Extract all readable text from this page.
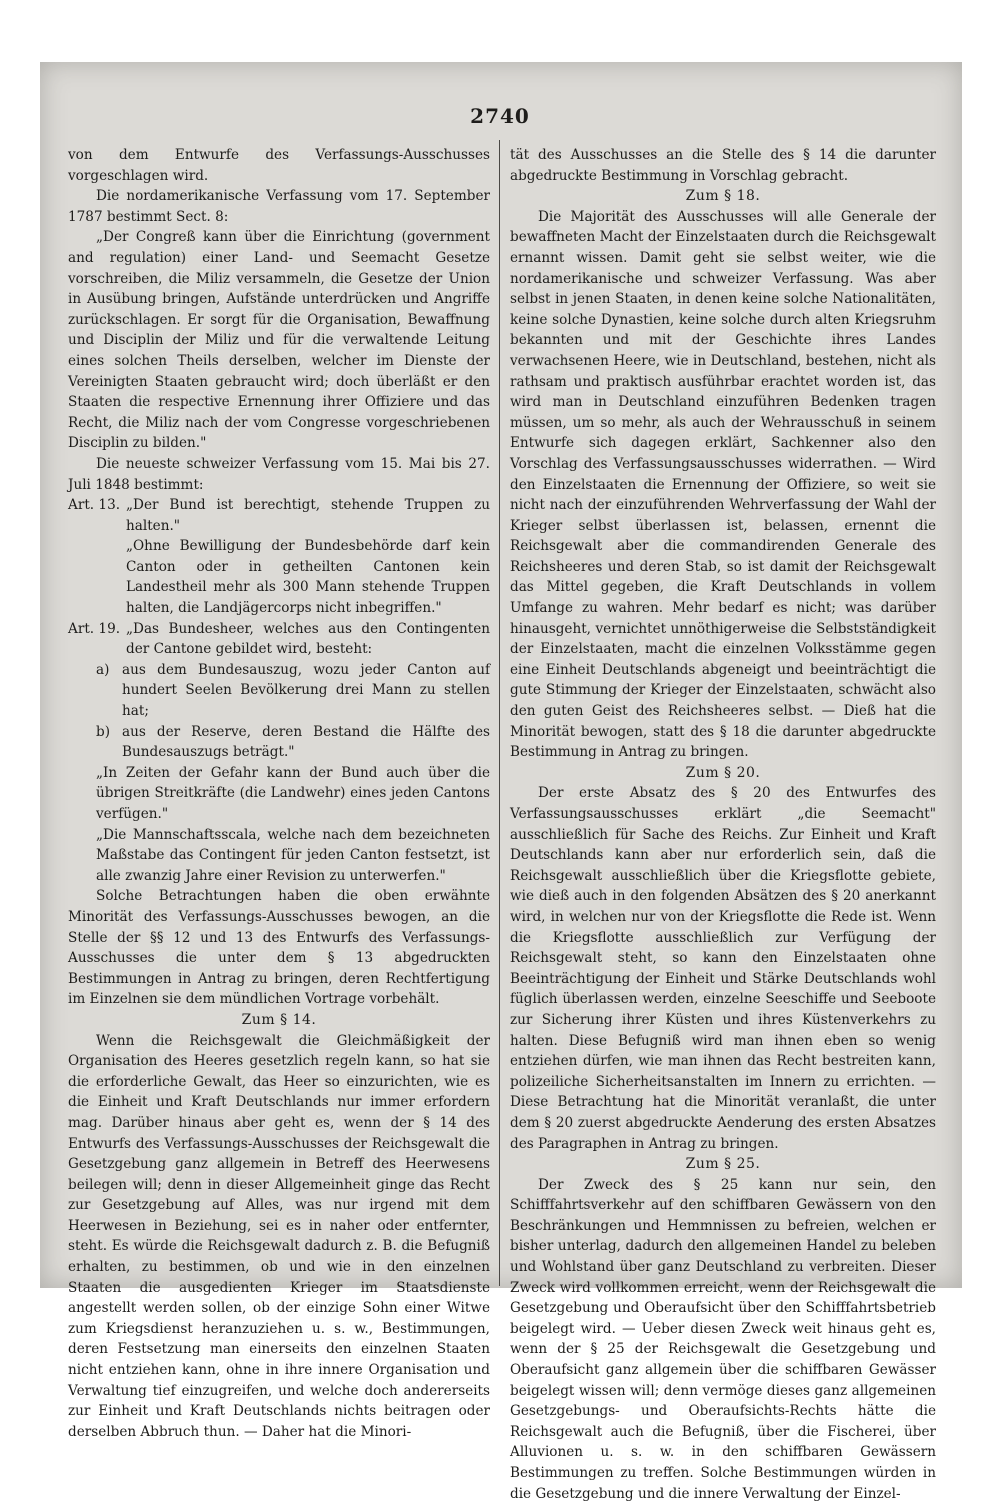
2740

von dem Entwurfe des Verfassungs-Ausschusses vorgeschlagen wird.

Die nordamerikanische Verfassung vom 17. September 1787 bestimmt Sect. 8:

„Der Congreß kann über die Einrichtung (government and regulation) einer Land- und Seemacht Gesetze vorschreiben, die Miliz versammeln, die Gesetze der Union in Ausübung bringen, Aufstände unterdrücken und Angriffe zurückschlagen. Er sorgt für die Organisation, Bewaffnung und Disciplin der Miliz und für die verwaltende Leitung eines solchen Theils derselben, welcher im Dienste der Vereinigten Staaten gebraucht wird; doch überläßt er den Staaten die respective Ernennung ihrer Offiziere und das Recht, die Miliz nach der vom Congresse vorgeschriebenen Disciplin zu bilden."

Die neueste schweizer Verfassung vom 15. Mai bis 27. Juli 1848 bestimmt:

Art. 13. „Der Bund ist berechtigt, stehende Truppen zu halten."

„Ohne Bewilligung der Bundesbehörde darf kein Canton oder in getheilten Cantonen kein Landestheil mehr als 300 Mann stehende Truppen halten, die Landjägercorps nicht inbegriffen."

Art. 19. „Das Bundesheer, welches aus den Contingenten der Cantone gebildet wird, besteht:
a) aus dem Bundesauszug, wozu jeder Canton auf hundert Seelen Bevölkerung drei Mann zu stellen hat;
b) aus der Reserve, deren Bestand die Hälfte des Bundesauszugs beträgt."

„In Zeiten der Gefahr kann der Bund auch über die übrigen Streitkräfte (die Landwehr) eines jeden Cantons verfügen."

„Die Mannschaftsscala, welche nach dem bezeichneten Maßstabe das Contingent für jeden Canton festsetzt, ist alle zwanzig Jahre einer Revision zu unterwerfen."

Solche Betrachtungen haben die oben erwähnte Minorität des Verfassungs-Ausschusses bewogen, an die Stelle der §§ 12 und 13 des Entwurfs des Verfassungs-Ausschusses die unter dem § 13 abgedruckten Bestimmungen in Antrag zu bringen, deren Rechtfertigung im Einzelnen sie dem mündlichen Vortrage vorbehält.

Zum § 14.

Wenn die Reichsgewalt die Gleichmäßigkeit der Organisation des Heeres gesetzlich regeln kann, so hat sie die erforderliche Gewalt, das Heer so einzurichten, wie es die Einheit und Kraft Deutschlands nur immer erfordern mag. Darüber hinaus aber geht es, wenn der § 14 des Entwurfs des Verfassungs-Ausschusses der Reichsgewalt die Gesetzgebung ganz allgemein in Betreff des Heerwesens beilegen will; denn in dieser Allgemeinheit ginge das Recht zur Gesetzgebung auf Alles, was nur irgend mit dem Heerwesen in Beziehung, sei es in naher oder entfernter, steht. Es würde die Reichsgewalt dadurch z. B. die Befugniß erhalten, zu bestimmen, ob und wie in den einzelnen Staaten die ausgedienten Krieger im Staatsdienste angestellt werden sollen, ob der einzige Sohn einer Witwe zum Kriegsdienst heranzuziehen u. s. w., Bestimmungen, deren Festsetzung man einerseits den einzelnen Staaten nicht entziehen kann, ohne in ihre innere Organisation und Verwaltung tief einzugreifen, und welche doch andererseits zur Einheit und Kraft Deutschlands nichts beitragen oder derselben Abbruch thun. — Daher hat die Minori-

tät des Ausschusses an die Stelle des § 14 die darunter abgedruckte Bestimmung in Vorschlag gebracht.

Zum § 18.

Die Majorität des Ausschusses will alle Generale der bewaffneten Macht der Einzelstaaten durch die Reichsgewalt ernannt wissen. Damit geht sie selbst weiter, wie die nordamerikanische und schweizer Verfassung. Was aber selbst in jenen Staaten, in denen keine solche Nationalitäten, keine solche Dynastien, keine solche durch alten Kriegsruhm bekannten und mit der Geschichte ihres Landes verwachsenen Heere, wie in Deutschland, bestehen, nicht als rathsam und praktisch ausführbar erachtet worden ist, das wird man in Deutschland einzuführen Bedenken tragen müssen, um so mehr, als auch der Wehrausschuß in seinem Entwurfe sich dagegen erklärt, Sachkenner also den Vorschlag des Verfassungsausschusses widerrathen. — Wird den Einzelstaaten die Ernennung der Offiziere, so weit sie nicht nach der einzuführenden Wehrverfassung der Wahl der Krieger selbst überlassen ist, belassen, ernennt die Reichsgewalt aber die commandirenden Generale des Reichsheeres und deren Stab, so ist damit der Reichsgewalt das Mittel gegeben, die Kraft Deutschlands in vollem Umfange zu wahren. Mehr bedarf es nicht; was darüber hinausgeht, vernichtet unnöthigerweise die Selbstständigkeit der Einzelstaaten, macht die einzelnen Volksstämme gegen eine Einheit Deutschlands abgeneigt und beeinträchtigt die gute Stimmung der Krieger der Einzelstaaten, schwächt also den guten Geist des Reichsheeres selbst. — Dieß hat die Minorität bewogen, statt des § 18 die darunter abgedruckte Bestimmung in Antrag zu bringen.

Zum § 20.

Der erste Absatz des § 20 des Entwurfes des Verfassungsausschusses erklärt „die Seemacht" ausschließlich für Sache des Reichs. Zur Einheit und Kraft Deutschlands kann aber nur erforderlich sein, daß die Reichsgewalt ausschließlich über die Kriegsflotte gebiete, wie dieß auch in den folgenden Absätzen des § 20 anerkannt wird, in welchen nur von der Kriegsflotte die Rede ist. Wenn die Kriegsflotte ausschließlich zur Verfügung der Reichsgewalt steht, so kann den Einzelstaaten ohne Beeinträchtigung der Einheit und Stärke Deutschlands wohl füglich überlassen werden, einzelne Seeschiffe und Seeboote zur Sicherung ihrer Küsten und ihres Küstenverkehrs zu halten. Diese Befugniß wird man ihnen eben so wenig entziehen dürfen, wie man ihnen das Recht bestreiten kann, polizeiliche Sicherheitsanstalten im Innern zu errichten. — Diese Betrachtung hat die Minorität veranlaßt, die unter dem § 20 zuerst abgedruckte Aenderung des ersten Absatzes des Paragraphen in Antrag zu bringen.

Zum § 25.

Der Zweck des § 25 kann nur sein, den Schifffahrtsverkehr auf den schiffbaren Gewässern von den Beschränkungen und Hemmnissen zu befreien, welchen er bisher unterlag, dadurch den allgemeinen Handel zu beleben und Wohlstand über ganz Deutschland zu verbreiten. Dieser Zweck wird vollkommen erreicht, wenn der Reichsgewalt die Gesetzgebung und Oberaufsicht über den Schifffahrtsbetrieb beigelegt wird. — Ueber diesen Zweck weit hinaus geht es, wenn der § 25 der Reichsgewalt die Gesetzgebung und Oberaufsicht ganz allgemein über die schiffbaren Gewässer beigelegt wissen will; denn vermöge dieses ganz allgemeinen Gesetzgebungs- und Oberaufsichts-Rechts hätte die Reichsgewalt auch die Befugniß, über die Fischerei, über Alluvionen u. s. w. in den schiffbaren Gewässern Bestimmungen zu treffen. Solche Bestimmungen würden in die Gesetzgebung und die innere Verwaltung der Einzel-
